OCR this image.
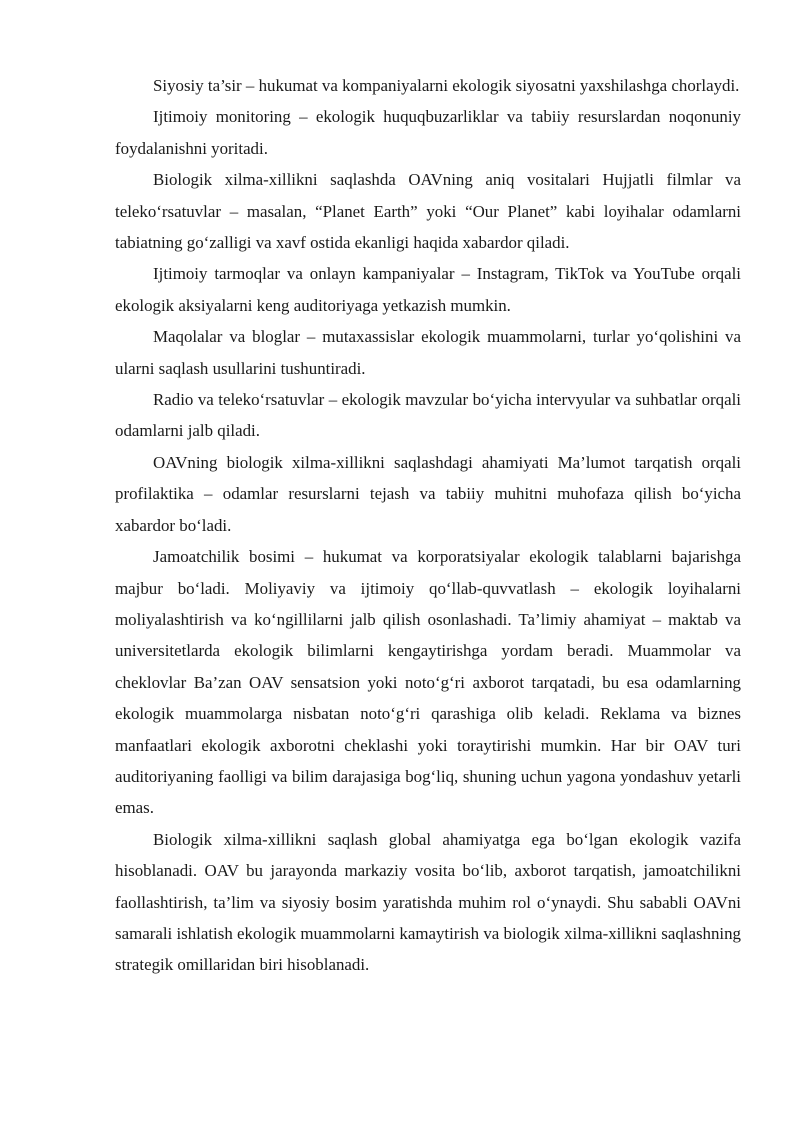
Siyosiy ta’sir – hukumat va kompaniyalarni ekologik siyosatni yaxshilashga chorlaydi.

Ijtimoiy monitoring – ekologik huquqbuzarliklar va tabiiy resurslardan noqonuniy foydalanishni yoritadi.

Biologik xilma-xillikni saqlashda OAVning aniq vositalari Hujjatli filmlar va teleko‘rsatuvlar – masalan, “Planet Earth” yoki “Our Planet” kabi loyihalar odamlarni tabiatning go‘zalligi va xavf ostida ekanligi haqida xabardor qiladi.

Ijtimoiy tarmoqlar va onlayn kampaniyalar – Instagram, TikTok va YouTube orqali ekologik aksiyalarni keng auditoriyaga yetkazish mumkin.

Maqolalar va bloglar – mutaxassislar ekologik muammolarni, turlar yo‘qolishini va ularni saqlash usullarini tushuntiradi.

Radio va teleko‘rsatuvlar – ekologik mavzular bo‘yicha intervyular va suhbatlar orqali odamlarni jalb qiladi.

OAVning biologik xilma-xillikni saqlashdagi ahamiyati Ma’lumot tarqatish orqali profilaktika – odamlar resurslarni tejash va tabiiy muhitni muhofaza qilish bo‘yicha xabardor bo‘ladi.

Jamoatchilik bosimi – hukumat va korporatsiyalar ekologik talablarni bajarishga majbur bo‘ladi. Moliyaviy va ijtimoiy qo‘llab-quvvatlash – ekologik loyihalarni moliyalashtirish va ko‘ngillilarni jalb qilish osonlashadi. Ta’limiy ahamiyat – maktab va universitetlarda ekologik bilimlarni kengaytirishga yordam beradi. Muammolar va cheklovlar Ba’zan OAV sensatsion yoki noto‘g‘ri axborot tarqatadi, bu esa odamlarning ekologik muammolarga nisbatan noto‘g‘ri qarashiga olib keladi. Reklama va biznes manfaatlari ekologik axborotni cheklashi yoki toraytirishi mumkin. Har bir OAV turi auditoriyaning faolligi va bilim darajasiga bog‘liq, shuning uchun yagona yondashuv yetarli emas.

Biologik xilma-xillikni saqlash global ahamiyatga ega bo‘lgan ekologik vazifa hisoblanadi. OAV bu jarayonda markaziy vosita bo‘lib, axborot tarqatish, jamoatchilikni faollashtirish, ta’lim va siyosiy bosim yaratishda muhim rol o‘ynaydi. Shu sababli OAVni samarali ishlatish ekologik muammolarni kamaytirish va biologik xilma-xillikni saqlashning strategik omillaridan biri hisoblanadi.
